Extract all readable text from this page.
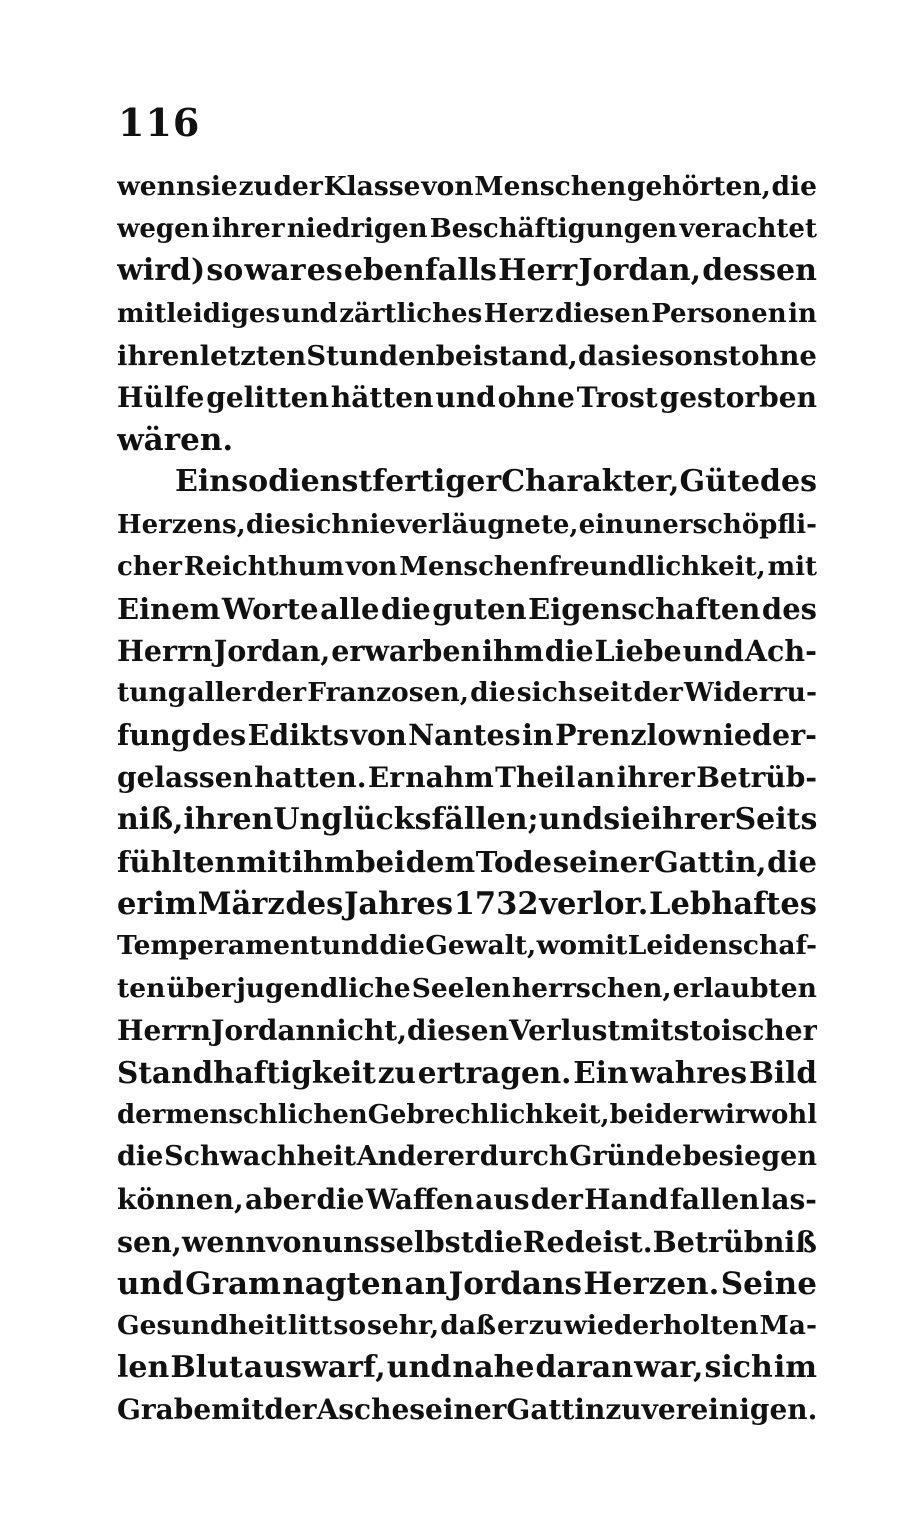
116
wenn sie zu der Klasse von Menschen gehörten, die
wegen ihrer niedrigen Beschäftigungen verachtet
wird) so war es ebenfalls Herr Jordan, dessen
mitleidiges und zärtliches Herz diesen Personen in
ihren letzten Stunden beistand, da sie sonst ohne
Hülfe gelitten hätten und ohne Trost gestorben
wären.
Ein so dienstfertiger Charakter, Güte des
Herzens, die sich nie verläugnete, ein unerschöpfli-
cher Reichthum von Menschenfreundlichkeit, mit
Einem Worte alle die guten Eigenschaften des
Herrn Jordan, erwarben ihm die Liebe und Ach-
tung aller der Franzosen, die sich seit der Widerru-
fung des Edikts von Nantes in Prenzlow nieder-
gelassen hatten. Er nahm Theil an ihrer Betrüb-
niß, ihren Unglücksfällen; und sie ihrer Seits
fühlten mit ihm bei dem Tode seiner Gattin, die
er im März des Jahres 1732 verlor. Lebhaftes
Temperament und die Gewalt, womit Leidenschaf-
ten über jugendliche Seelen herrschen, erlaubten
Herrn Jordan nicht, diesen Verlust mit stoischer
Standhaftigkeit zu ertragen. Ein wahres Bild
der menschlichen Gebrechlichkeit, bei der wir wohl
die Schwachheit Anderer durch Gründe besiegen
können, aber die Waffen aus der Hand fallen las-
sen, wenn von uns selbst die Rede ist. Betrübniß
und Gram nagten an Jordans Herzen. Seine
Gesundheit litt so sehr, daß er zu wiederholten Ma-
len Blut auswarf, und nahe daran war, sich im
Grabe mit der Asche seiner Gattin zu vereinigen.
